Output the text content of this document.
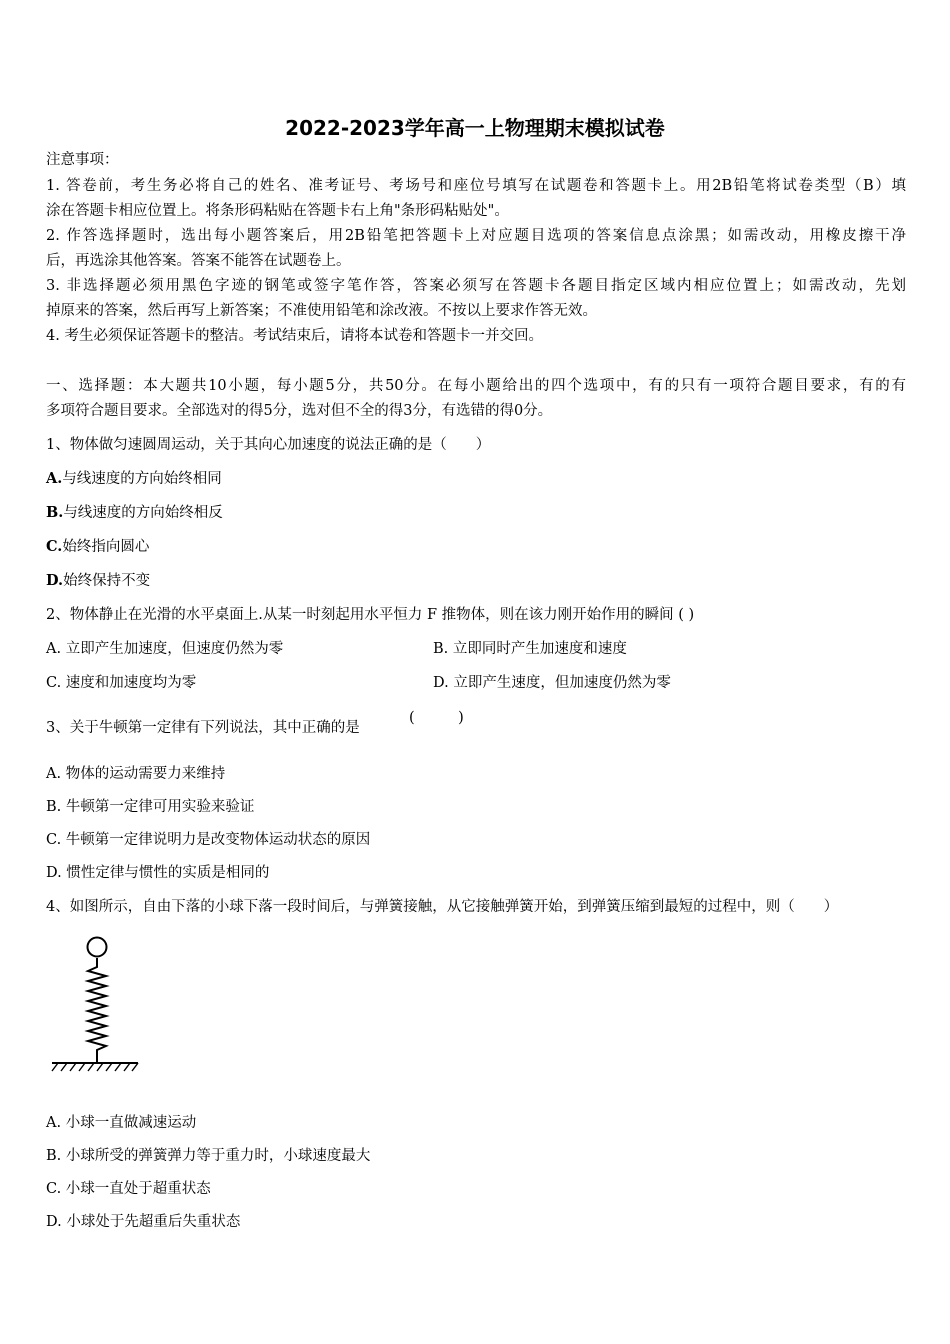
2022-2023学年高一上物理期末模拟试卷
注意事项：
1. 答卷前，考生务必将自己的姓名、准考证号、考场号和座位号填写在试题卷和答题卡上。用2B铅笔将试卷类型（B）填
涂在答题卡相应位置上。将条形码粘贴在答题卡右上角"条形码粘贴处"。
2. 作答选择题时，选出每小题答案后，用2B铅笔把答题卡上对应题目选项的答案信息点涂黑；如需改动，用橡皮擦干净
后，再选涂其他答案。答案不能答在试题卷上。
3. 非选择题必须用黑色字迹的钢笔或签字笔作答，答案必须写在答题卡各题目指定区域内相应位置上；如需改动，先划
掉原来的答案，然后再写上新答案；不准使用铅笔和涂改液。不按以上要求作答无效。
4. 考生必须保证答题卡的整洁。考试结束后，请将本试卷和答题卡一并交回。
一、选择题：本大题共10小题，每小题5分，共50分。在每小题给出的四个选项中，有的只有一项符合题目要求，有的有
多项符合题目要求。全部选对的得5分，选对但不全的得3分，有选错的得0分。
1、物体做匀速圆周运动，关于其向心加速度的说法正确的是（　　）
A.与线速度的方向始终相同
B.与线速度的方向始终相反
C.始终指向圆心
D.始终保持不变
2、物体静止在光滑的水平桌面上.从某一时刻起用水平恒力 F 推物体，则在该力刚开始作用的瞬间 ( )
A. 立即产生加速度，但速度仍然为零	B. 立即同时产生加速度和速度
C. 速度和加速度均为零	D. 立即产生速度，但加速度仍然为零
3、关于牛顿第一定律有下列说法，其中正确的是
(　　　)
A. 物体的运动需要力来维持
B. 牛顿第一定律可用实验来验证
C. 牛顿第一定律说明力是改变物体运动状态的原因
D. 惯性定律与惯性的实质是相同的
4、如图所示，自由下落的小球下落一段时间后，与弹簧接触，从它接触弹簧开始，到弹簧压缩到最短的过程中，则（　　）
A. 小球一直做减速运动
B. 小球所受的弹簧弹力等于重力时，小球速度最大
C. 小球一直处于超重状态
D. 小球处于先超重后失重状态
